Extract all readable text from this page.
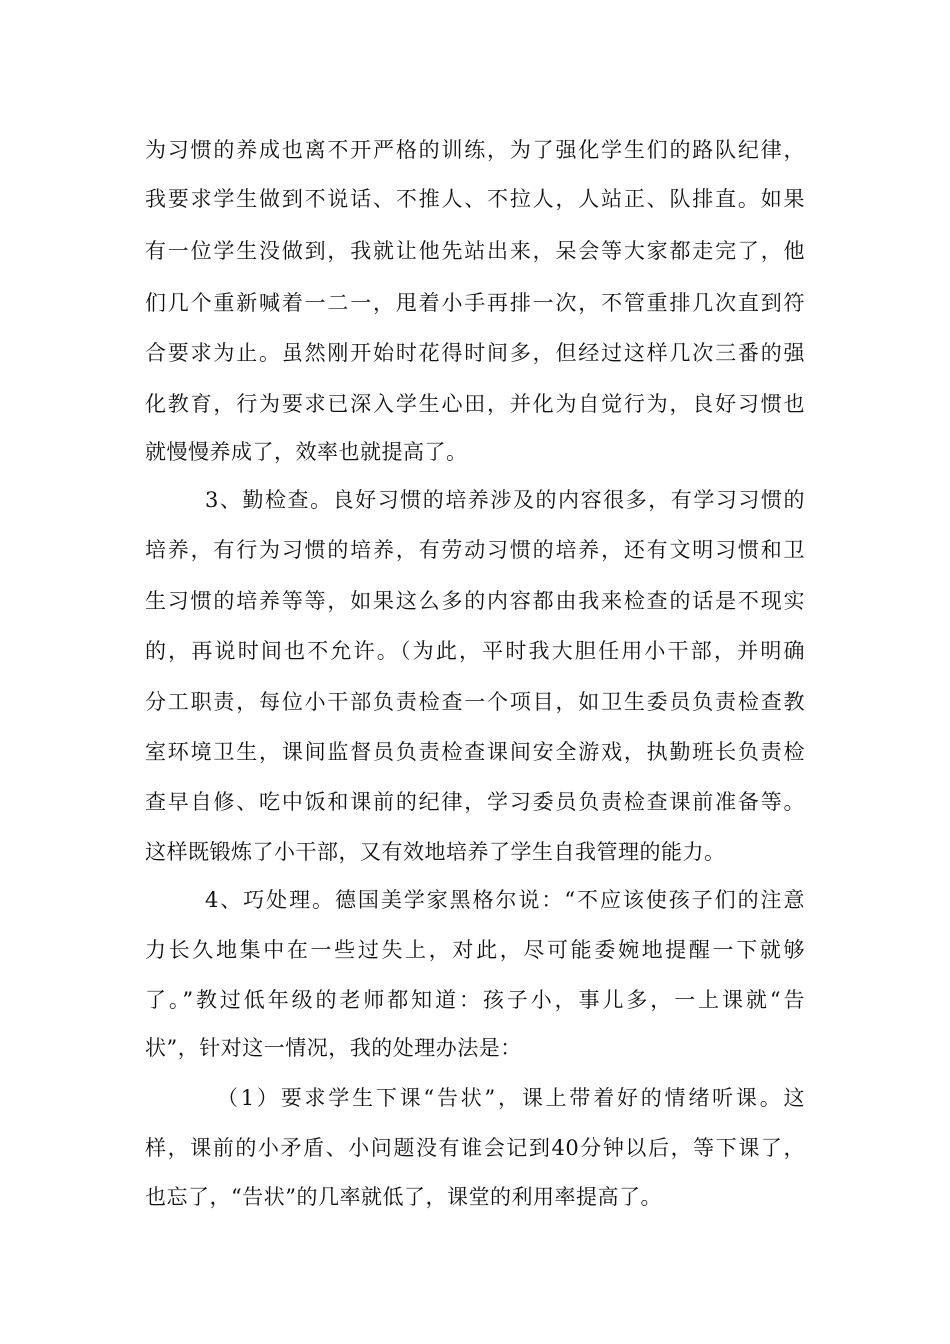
为习惯的养成也离不开严格的训练，为了强化学生们的路队纪律，
我要求学生做到不说话、不推人、不拉人，人站正、队排直。如果
有一位学生没做到，我就让他先站出来，呆会等大家都走完了，他
们几个重新喊着一二一，甩着小手再排一次，不管重排几次直到符
合要求为止。虽然刚开始时花得时间多，但经过这样几次三番的强
化教育，行为要求已深入学生心田，并化为自觉行为，良好习惯也
就慢慢养成了，效率也就提高了。
3、勤检查。良好习惯的培养涉及的内容很多，有学习习惯的
培养，有行为习惯的培养，有劳动习惯的培养，还有文明习惯和卫
生习惯的培养等等，如果这么多的内容都由我来检查的话是不现实
的，再说时间也不允许。（为此，平时我大胆任用小干部，并明确
分工职责，每位小干部负责检查一个项目，如卫生委员负责检查教
室环境卫生，课间监督员负责检查课间安全游戏，执勤班长负责检
查早自修、吃中饭和课前的纪律，学习委员负责检查课前准备等。
这样既锻炼了小干部，又有效地培养了学生自我管理的能力。
4、巧处理。德国美学家黑格尔说：“不应该使孩子们的注意
力长久地集中在一些过失上，对此，尽可能委婉地提醒一下就够
了。”教过低年级的老师都知道：孩子小，事儿多，一上课就“告
状”，针对这一情况，我的处理办法是：
（1）要求学生下课“告状”，课上带着好的情绪听课。这
样，课前的小矛盾、小问题没有谁会记到40分钟以后，等下课了，
也忘了，“告状”的几率就低了，课堂的利用率提高了。
